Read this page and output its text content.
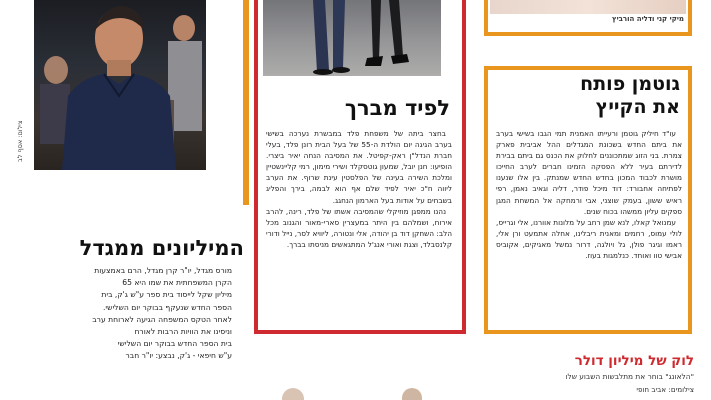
צילום: אסף לב
המיליונים ממגדל
מורס מגדל, יו"ר קרן מגדל, הרם באמצעות
הקרן המשפחתית את שמו היא 65
מיליון שקל לייסוד בית ספר ע"ש ג'ק, בית
הספר החדש שנעקף בבוקר יום השלישי.
לאחר הטקס המשפחה הגיעה לארוחת ערב
וניסינו את הוויות הרבות לאורח
בית הספר החדש בבוקר יום השלישי
ע"ש חיפאי - ג'ק, נבצע: יו"ר חבר
לפיד מברך

בחצר ביתה של משפחת פלד במבשרת נערכה בשישי בערב הגיגה יום הולדת ה-55 של בעל הבית רונן פלד, בעלי חברת הנדל"ן ראק-קפיטל. את המסיבה הנחה יאיר ביצרי. הופיעו: חנן יובל, שמעון גוטסקלד ושירי מימון, רמי קליינשטיין ומלכת השירה בעינה של הפלסטין עינת שרוף. את הערב ליווה ח"כ יאיר לפיד שלם אף הוא לבמה, בירך והפליג בשבחים על אודות בעל הארמון הנחגג.

נהנו ממפגן מוזיקלי שהמסיבה אשתו של פלד, רינה, להרב אירוח, ושמלהם בין היתר במעצרין סארי-מאור והגנוב מכל הלב: השחקן דוד בן יהודה, אלי ונטורה, ליוויא לסר, נייל ודורי קלנסבלד, וצגת ואורי אנג'ל המתגאשים מניסתו בברך.

מיקי קני ודליה הורביץ
גוטמן פותח
את הקייץ

עו"ד חיליק גוטמן ורעייתו האמנית תמי הגבו בשישי בערב את ביתם החדש בשכונת המגדלים ההל אביבית פארק צמרת. בני הזוג שמתכוננים לחלוק את הכנס גם ביתם בבירת לדירתם בעיר ללא הפסקה הזמינו חברים לערב החייכו מושרת לכבוד המכון בחדש החדש שמנתק. בין אלו שנענו לפתיחה אחבורד: דוד מיכל פודר, דליה וגאיב נאמן, רפי ראיש ששון, בעמק שוצני, אבי ורמחקה אל המשחת המגן ספקים עליון ממשהו בכוח שנים.

עמנואל קאלו, לנא שמן רחב על מלונות אוורנו, אלי וגרייס, לולי עמוס, רחמים ומאנית ריבלינו, אחלה אתמעט ורן אלי, ראמו וגיגר פולן, גל ויולגה, דרור נמשל מאגיקים, אקוביס אבישי טוו ואוחד. כנלמגות בעוז.

לוק של מיליון דולר
"הלאונג" בוחר את מתלבשות השבוע שלו
צילומים: אביב חופי
